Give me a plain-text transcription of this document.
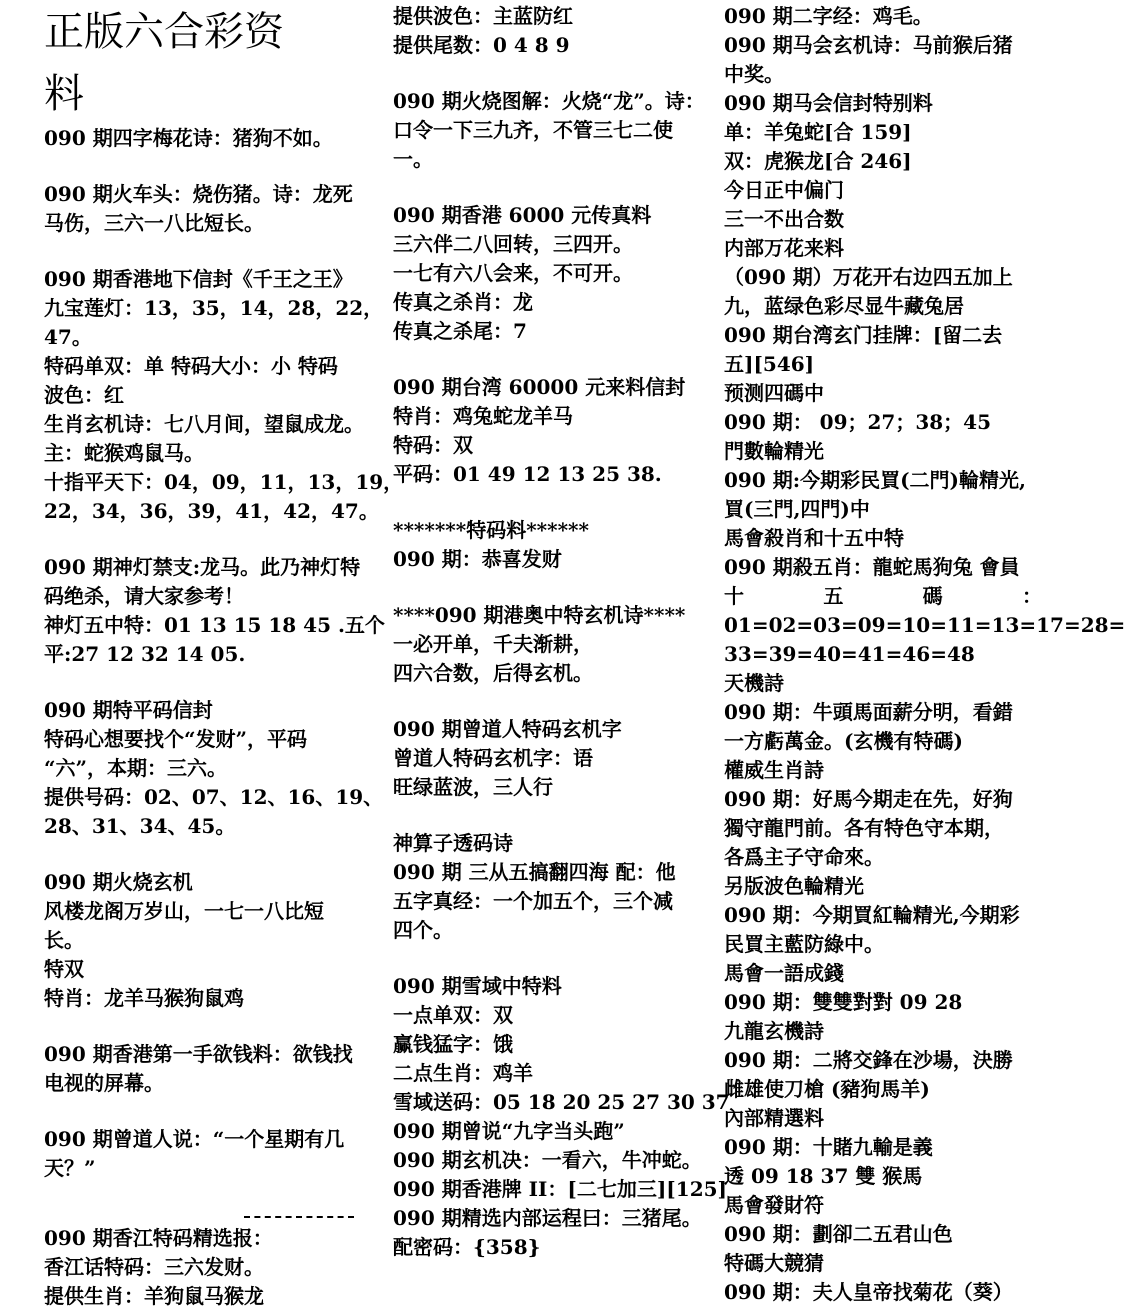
正版六合彩资
料
090 期四字梅花诗：猪狗不如。
090 期火车头：烧伤猪。诗：龙死
马伤，三六一八比短长。
090 期香港地下信封《千王之王》
九宝莲灯：13，35，14，28，22，
47。
特码单双：单 特码大小：小 特码
波色：红
生肖玄机诗：七八月间，望鼠成龙。
主：蛇猴鸡鼠马。
十指平天下：04，09，11，13，19，
22，34，36，39，41，42，47。
090 期神灯禁支:龙马。此乃神灯特
码绝杀，请大家参考！
神灯五中特：01 13 15 18 45 .五个
平:27 12 32 14 05.
090 期特平码信封
特码心想要找个“发财”，平码
“六”，本期：三六。
提供号码：02、07、12、16、19、
28、31、34、45。
090 期火烧玄机
风楼龙阁万岁山，一七一八比短
长。
特双
特肖：龙羊马猴狗鼠鸡
090 期香港第一手欲钱料：欲钱找
电视的屏幕。
090 期曾道人说：“一个星期有几
天？”
090 期香江特码精选报：
香江话特码：三六发财。
提供生肖：羊狗鼠马猴龙
提供波色：主蓝防红
提供尾数：0 4 8 9
090 期火烧图解：火烧“龙”。诗：
口令一下三九齐，不管三七二使
一。
090 期香港 6000 元传真料
三六伴二八回转，三四开。
一七有六八会来，不可开。
传真之杀肖：龙
传真之杀尾：7
090 期台湾 60000 元来料信封
特肖：鸡兔蛇龙羊马
特码：双
平码：01 49 12 13 25 38.
*******特码料******
090 期：恭喜发财
****090 期港奥中特玄机诗****
一必开单，千夫渐耕，
四六合数，后得玄机。
090 期曾道人特码玄机字
曾道人特码玄机字：语
旺绿蓝波，三人行
神算子透码诗
090 期 三从五搞翻四海 配：他
五字真经：一个加五个，三个减
四个。
090 期雪域中特料
一点单双：双
赢钱猛字：饿
二点生肖：鸡羊
雪域送码：05 18 20 25 27 30 37
090 期曾说“九字当头跑”
090 期玄机决：一看六，牛冲蛇。
090 期香港牌 II：[二七加三][125]
090 期精选内部运程曰：三猪尾。
配密码：{358}
090 期二字经：鸡毛。
090 期马会玄机诗：马前猴后猪
中奖。
090 期马会信封特别料
单：羊兔蛇[合 159]
双：虎猴龙[合 246]
今日正中偏门
三一不出合数
内部万花来料
（090 期）万花开右边四五加上
九，蓝绿色彩尽显牛藏兔居
090 期台湾玄门挂牌：[留二去
五][546]
预测四碼中
090 期： 09；27；38；45
門數輪精光
090 期:今期彩民買(二門)輪精光,
買(三門,四門)中
馬會殺肖和十五中特
090 期殺五肖：龍蛇馬狗兔 會員
十	五	碼	：
01=02=03=09=10=11=13=17=28=
33=39=40=41=46=48
天機詩
090 期：牛頭馬面薪分明，看錯
一方虧萬金。(玄機有特碼)
權威生肖詩
090 期：好馬今期走在先，好狗
獨守龍門前。各有特色守本期，
各爲主子守命來。
另版波色輪精光
090 期：今期買紅輪精光,今期彩
民買主藍防綠中。
馬會一語成錢
090 期：雙雙對對 09 28
九龍玄機詩
090 期：二將交鋒在沙場，決勝
雌雄使刀槍 (豬狗馬羊)
內部精選料
090 期：十賭九輸是義
透 09 18 37 雙 猴馬
馬會發財符
090 期：劃卻二五君山色
特碼大競猜
090 期：夫人皇帝找菊花（葵）
